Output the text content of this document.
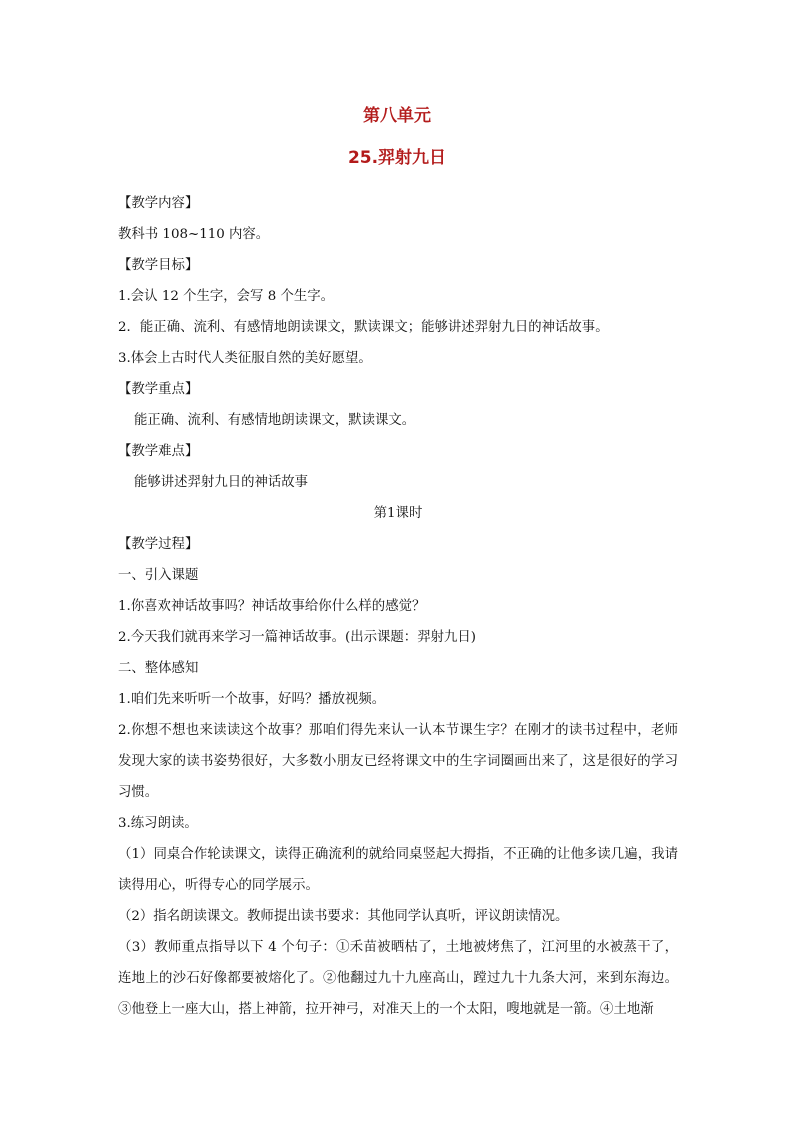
第八单元
25.羿射九日

【教学内容】

教科书 108~110 内容。

【教学目标】

1.会认 12 个生字，会写 8 个生字。

2．能正确、流利、有感情地朗读课文，默读课文；能够讲述羿射九日的神话故事。

3.体会上古时代人类征服自然的美好愿望。

【教学重点】

能正确、流利、有感情地朗读课文，默读课文。

【教学难点】

能够讲述羿射九日的神话故事

第1课时

【教学过程】

一、引入课题

1.你喜欢神话故事吗？神话故事给你什么样的感觉？

2.今天我们就再来学习一篇神话故事。(出示课题：羿射九日)

二、整体感知

1.咱们先来听听一个故事，好吗？播放视频。

2.你想不想也来读读这个故事？那咱们得先来认一认本节课生字？在刚才的读书过程中，老师发现大家的读书姿势很好，大多数小朋友已经将课文中的生字词圈画出来了，这是很好的学习习惯。

3.练习朗读。

（1）同桌合作轮读课文，读得正确流利的就给同桌竖起大拇指，不正确的让他多读几遍，我请读得用心，听得专心的同学展示。

（2）指名朗读课文。教师提出读书要求：其他同学认真听，评议朗读情况。

（3）教师重点指导以下 4 个句子：①禾苗被晒枯了，土地被烤焦了，江河里的水被蒸干了，连地上的沙石好像都要被熔化了。②他翻过九十九座高山，蹚过九十九条大河，来到东海边。③他登上一座大山，搭上神箭，拉开神弓，对准天上的一个太阳，嗖地就是一箭。④土地渐
